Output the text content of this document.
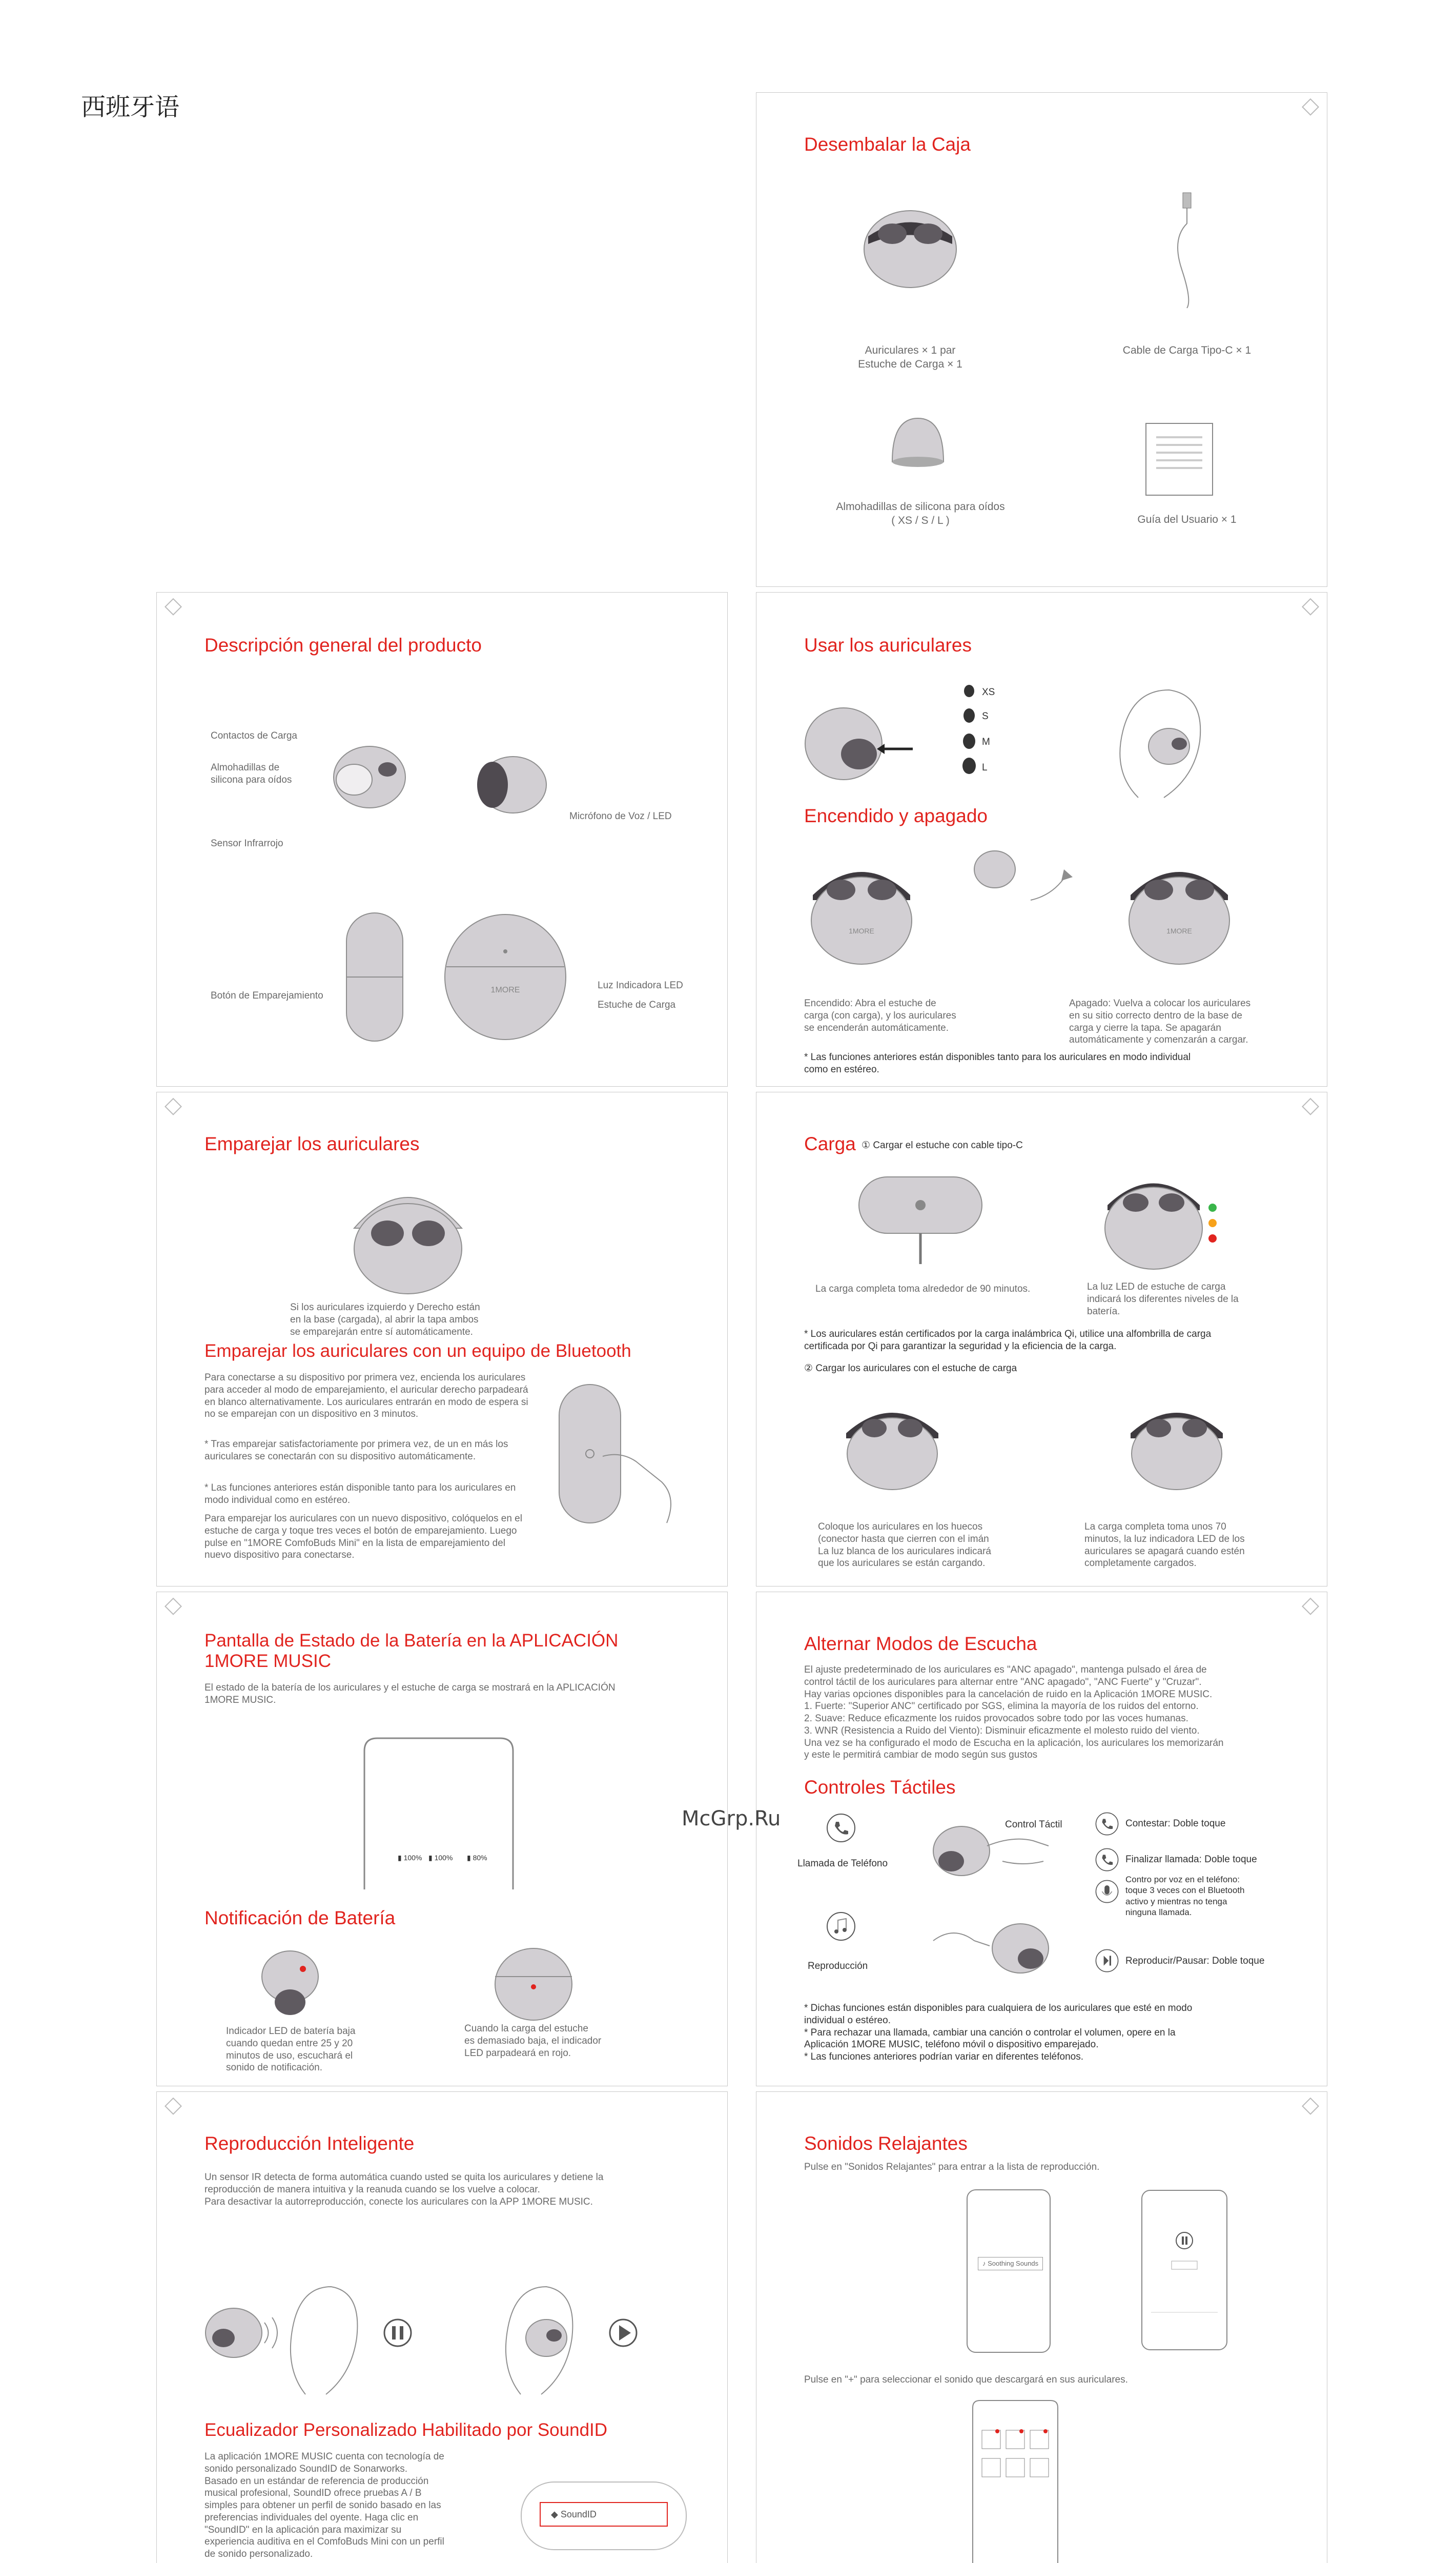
西班牙语
Desembalar la Caja
Auriculares × 1 par
Estuche de Carga × 1
Cable de Carga Tipo-C × 1
Almohadillas de silicona para oídos
( XS / S / L )	Guía del Usuario × 1
Descripción general del producto
Contactos de Carga
Almohadillas de
silicona para oídos
Sensor Infrarrojo
Micrófono de Voz / LED
Botón de Emparejamiento
1MORE	Luz Indicadora LED
Estuche de Carga
Usar los auriculares
XS
S
M
L
Encendido y apagado
1MORE	1MORE
Encendido: Abra el estuche de
carga (con carga), y los auriculares
se encenderán automáticamente.
Apagado: Vuelva a colocar los auriculares
en su sitio correcto dentro de la base de
carga y cierre la tapa. Se apagarán
automáticamente y comenzarán a cargar.
* Las funciones anteriores están disponibles tanto para los auriculares en modo individual
como en estéreo.
Emparejar los auriculares
Si los auriculares izquierdo y Derecho están
en la base (cargada), al abrir la tapa ambos
se emparejarán entre sí automáticamente.
Emparejar los auriculares con un equipo de Bluetooth
Para conectarse a su dispositivo por primera vez, encienda los auriculares para acceder al modo de emparejamiento, el auricular derecho parpadeará en blanco alternativamente. Los auriculares entrarán en modo de espera si no se emparejan con un dispositivo en 3 minutos.
* Tras emparejar satisfactoriamente por primera vez, de un en más los auriculares se conectarán con su dispositivo automáticamente.
* Las funciones anteriores están disponible tanto para los auriculares en modo individual como en estéreo.
Para emparejar los auriculares con un nuevo dispositivo, colóquelos en el estuche de carga y toque tres veces el botón de emparejamiento. Luego pulse en "1MORE ComfoBuds Mini" en la lista de emparejamiento del nuevo dispositivo para conectarse.
Carga ① Cargar el estuche con cable tipo-C
La carga completa toma alrededor de 90 minutos.	La luz LED de estuche de carga
indicará los diferentes niveles de la
batería.
* Los auriculares están certificados por la carga inalámbrica Qi, utilice una alfombrilla de carga
certificada por Qi para garantizar la seguridad y la eficiencia de la carga.
② Cargar los auriculares con el estuche de carga
Coloque los auriculares en los huecos
(conector hasta que cierren con el imán
La luz blanca de los auriculares indicará
que los auriculares se están cargando.
La carga completa toma unos 70
minutos, la luz indicadora LED de los
auriculares se apagará cuando estén
completamente cargados.
Pantalla de Estado de la Batería en la APLICACIÓN
1MORE MUSIC
El estado de la batería de los auriculares y el estuche de carga se mostrará en la APLICACIÓN
1MORE MUSIC.
▮ 100% ▮ 100% ▮ 80%
Notificación de Batería
Indicador LED de batería baja
cuando quedan entre 25 y 20
minutos de uso, escuchará el
sonido de notificación.
Cuando la carga del estuche
es demasiado baja, el indicador
LED parpadeará en rojo.
Alternar Modos de Escucha
El ajuste predeterminado de los auriculares es "ANC apagado", mantenga pulsado el área de
control táctil de los auriculares para alternar entre "ANC apagado", "ANC Fuerte" y "Cruzar".
Hay varias opciones disponibles para la cancelación de ruido en la Aplicación 1MORE MUSIC.
1. Fuerte: "Superior ANC" certificado por SGS, elimina la mayoría de los ruidos del entorno.
2. Suave: Reduce eficazmente los ruidos provocados sobre todo por las voces humanas.
3. WNR (Resistencia a Ruido del Viento): Disminuir eficazmente el molesto ruido del viento.
Una vez se ha configurado el modo de Escucha en la aplicación, los auriculares los memorizarán
y este le permitirá cambiar de modo según sus gustos
Controles Táctiles
Llamada de Teléfono
Control Táctil	Contestar: Doble toque
Finalizar llamada: Doble toque
Contro por voz en el teléfono:
toque 3 veces con el Bluetooth
activo y mientras no tenga
ninguna llamada.
Reproducción	Reproducir/Pausar: Doble toque
* Dichas funciones están disponibles para cualquiera de los auriculares que esté en modo
individual o estéreo.
* Para rechazar una llamada, cambiar una canción o controlar el volumen, opere en la
Aplicación 1MORE MUSIC, teléfono móvil o dispositivo emparejado.
* Las funciones anteriores podrían variar en diferentes teléfonos.
McGrp.Ru
Reproducción Inteligente
Un sensor IR detecta de forma automática cuando usted se quita los auriculares y detiene la
reproducción de manera intuitiva y la reanuda cuando se los vuelve a colocar.
Para desactivar la autorreproducción, conecte los auriculares con la APP 1MORE MUSIC.
Ecualizador Personalizado Habilitado por SoundID
La aplicación 1MORE MUSIC cuenta con tecnología de
sonido personalizado SoundID de Sonarworks.
Basado en un estándar de referencia de producción
musical profesional, SoundID ofrece pruebas A / B
simples para obtener un perfil de sonido basado en las
preferencias individuales del oyente. Haga clic en
"SoundID" en la aplicación para maximizar su
experiencia auditiva en el ComfoBuds Mini con un perfil
de sonido personalizado.
◆ SoundID
Sonidos Relajantes
Pulse en "Sonidos Relajantes" para entrar a la lista de reproducción.
♪ Soothing Sounds
Pulse en "+" para seleccionar el sonido que descargará en sus auriculares.
